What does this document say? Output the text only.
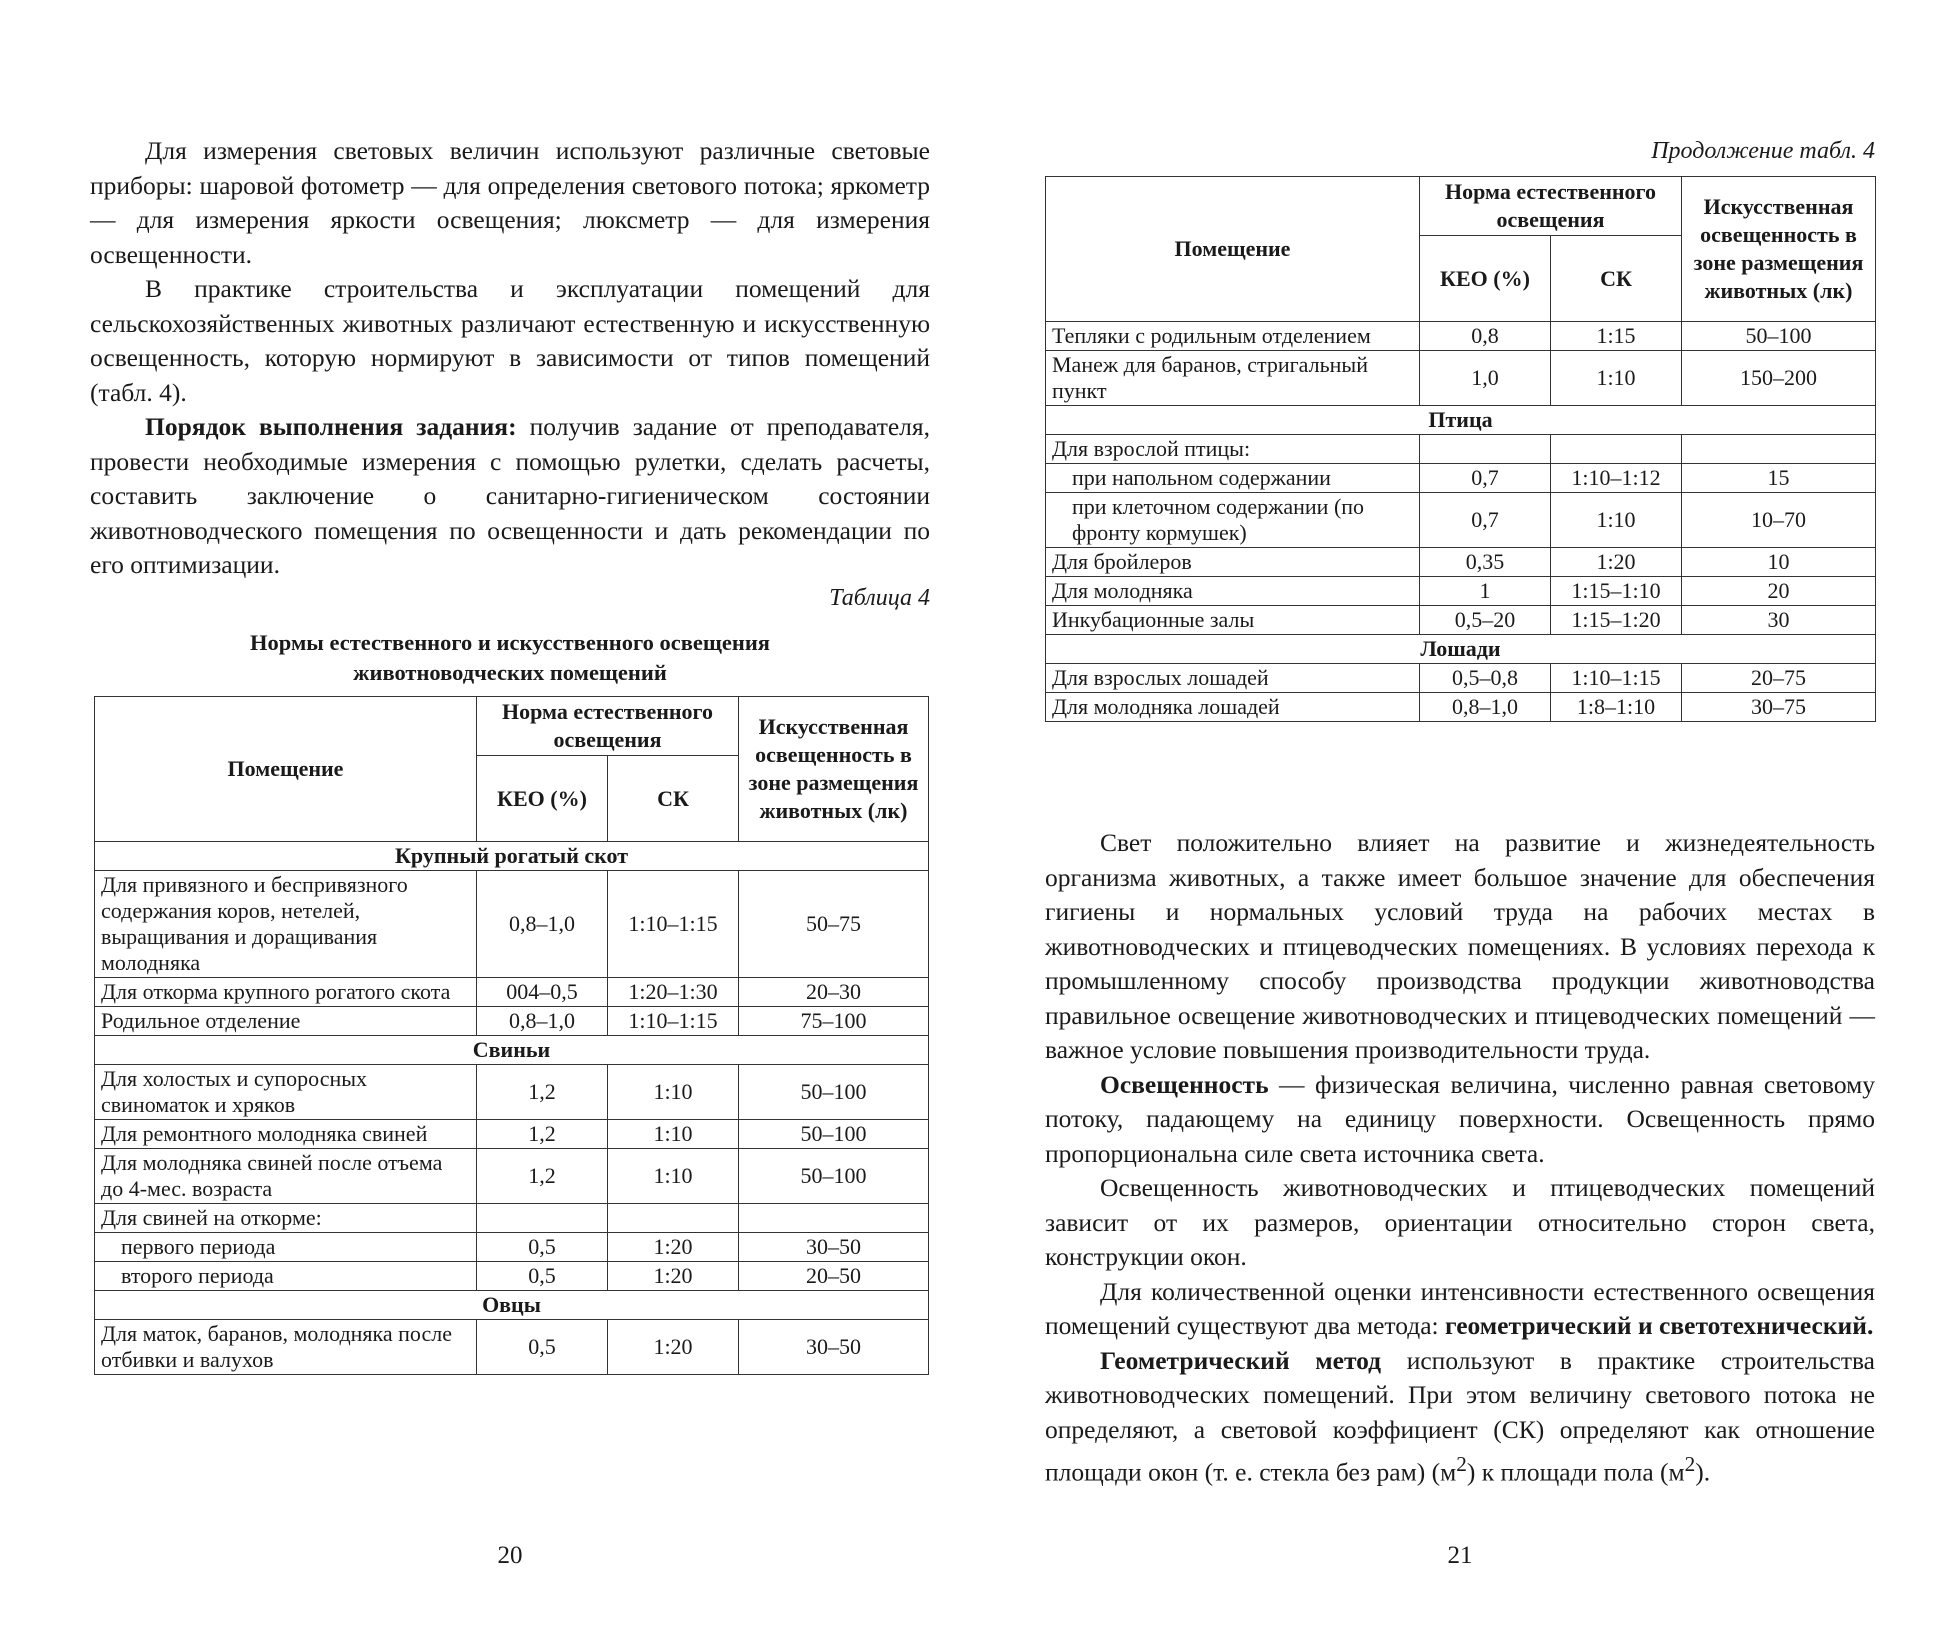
Для измерения световых величин используют различные световые приборы: шаровой фотометр — для определения светового потока; яркометр — для измерения яркости освещения; люксметр — для измерения освещенности.

В практике строительства и эксплуатации помещений для сельскохозяйственных животных различают естественную и искусственную освещенность, которую нормируют в зависимости от типов помещений (табл. 4).

Порядок выполнения задания: получив задание от преподавателя, провести необходимые измерения с помощью рулетки, сделать расчеты, составить заключение о санитарно-гигиеническом состоянии животноводческого помещения по освещенности и дать рекомендации по его оптимизации.

Таблица 4
Нормы естественного и искусственного освещения
животноводческих помещений
Помещение	Норма естественного освещения		Искусственная освещенность в зоне размещения животных (лк)
	КЕО (%)	СК	
Крупный рогатый скот			
Для привязного и беспривязного содержания коров, нетелей, выращивания и доращивания молодняка	0,8–1,0	1:10–1:15	50–75
Для откорма крупного рогатого скота	004–0,5	1:20–1:30	20–30
Родильное отделение	0,8–1,0	1:10–1:15	75–100
Свиньи			
Для холостых и супоросных свиноматок и хряков	1,2	1:10	50–100
Для ремонтного молодняка свиней	1,2	1:10	50–100
Для молодняка свиней после отъема до 4-мес. возраста	1,2	1:10	50–100
Для свиней на откорме:			
первого периода	0,5	1:20	30–50
второго периода	0,5	1:20	20–50
Овцы			
Для маток, баранов, молодняка после отбивки и валухов	0,5	1:20	30–50
20
Продолжение табл. 4
Помещение	Норма естественного освещения		Искусственная освещенность в зоне размещения животных (лк)
	КЕО (%)	СК	
Тепляки с родильным отделением	0,8	1:15	50–100
Манеж для баранов, стригальный пункт	1,0	1:10	150–200
Птица			
Для взрослой птицы:			
при напольном содержании	0,7	1:10–1:12	15
при клеточном содержании (по фронту кормушек)	0,7	1:10	10–70
Для бройлеров	0,35	1:20	10
Для молодняка	1	1:15–1:10	20
Инкубационные залы	0,5–20	1:15–1:20	30
Лошади			
Для взрослых лошадей	0,5–0,8	1:10–1:15	20–75
Для молодняка лошадей	0,8–1,0	1:8–1:10	30–75

Свет положительно влияет на развитие и жизнедеятельность организма животных, а также имеет большое значение для обеспечения гигиены и нормальных условий труда на рабочих местах в животноводческих и птицеводческих помещениях. В условиях перехода к промышленному способу производства продукции животноводства правильное освещение животноводческих и птицеводческих помещений — важное условие повышения производительности труда.

Освещенность — физическая величина, численно равная световому потоку, падающему на единицу поверхности. Освещенность прямо пропорциональна силе света источника света.

Освещенность животноводческих и птицеводческих помещений зависит от их размеров, ориентации относительно сторон света, конструкции окон.

Для количественной оценки интенсивности естественного освещения помещений существуют два метода: геометрический и светотехнический.

Геометрический метод используют в практике строительства животноводческих помещений. При этом величину светового потока не определяют, а световой коэффициент (СК) определяют как отношение площади окон (т. е. стекла без рам) $(м^2)$ к площади пола $(м^2)$.

21
